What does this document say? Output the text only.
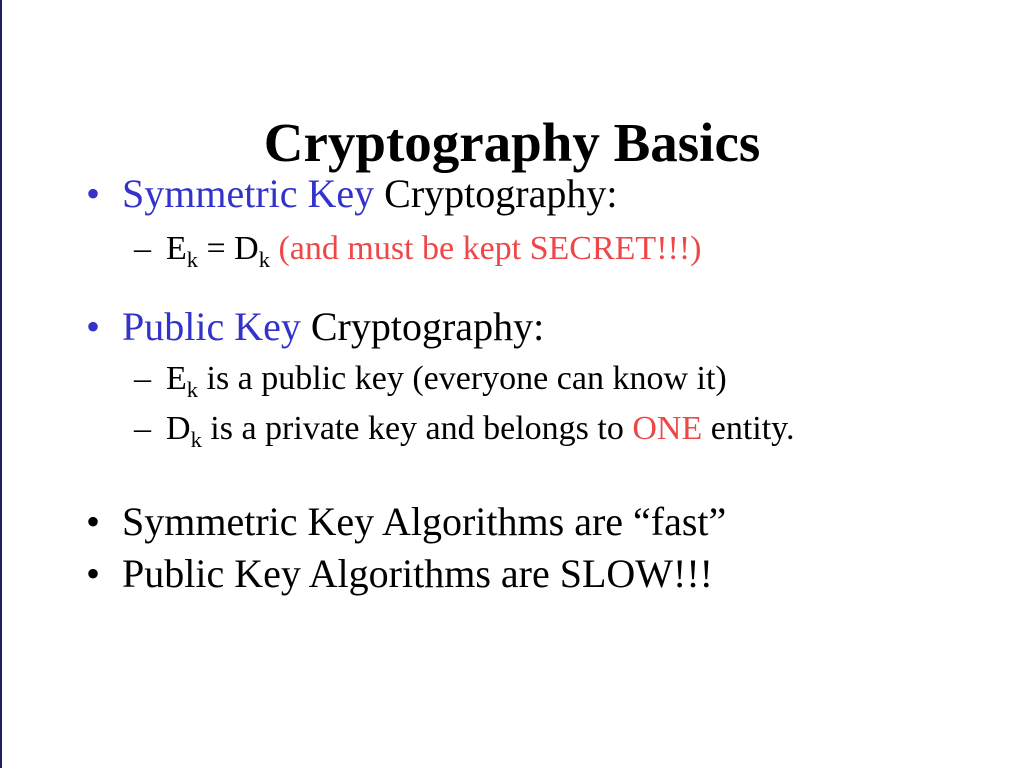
Cryptography Basics
• Symmetric Key Cryptography:
– $E_k = D_k$ (and must be kept SECRET!!!)
• Public Key Cryptography:
– $E_k$ is a public key (everyone can know it)
– $D_k$ is a private key and belongs to ONE entity.
• Symmetric Key Algorithms are “fast”
• Public Key Algorithms are SLOW!!!
